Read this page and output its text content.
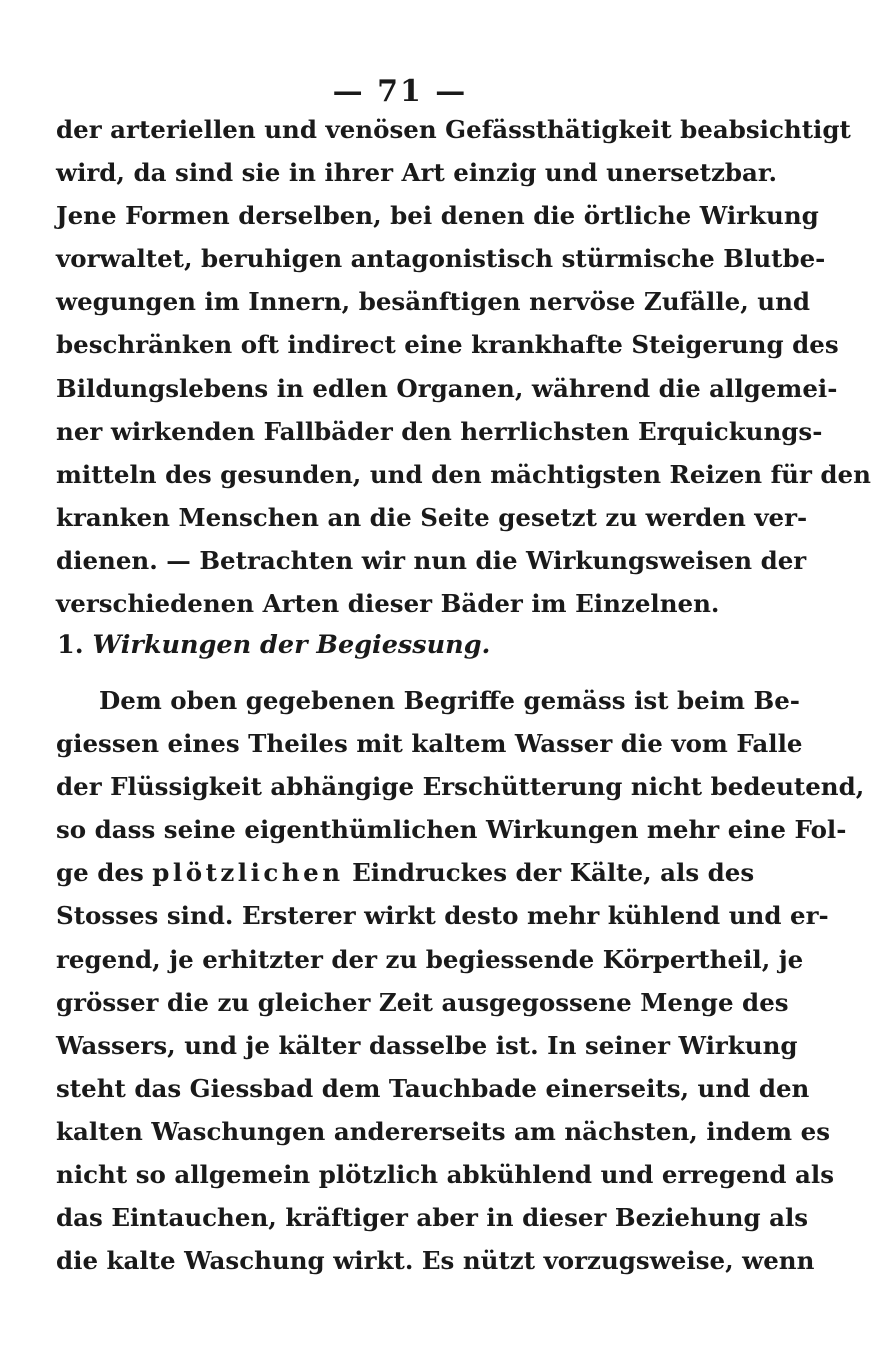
— 71 —
der arteriellen und venösen Gefässthätigkeit beabsichtigt
wird, da sind sie in ihrer Art einzig und unersetzbar.
Jene Formen derselben, bei denen die örtliche Wirkung
vorwaltet, beruhigen antagonistisch stürmische Blutbe-
wegungen im Innern, besänftigen nervöse Zufälle, und
beschränken oft indirect eine krankhafte Steigerung des
Bildungslebens in edlen Organen, während die allgemei-
ner wirkenden Fallbäder den herrlichsten Erquickungs-
mitteln des gesunden, und den mächtigsten Reizen für den
kranken Menschen an die Seite gesetzt zu werden ver-
dienen. — Betrachten wir nun die Wirkungsweisen der
verschiedenen Arten dieser Bäder im Einzelnen.
1. Wirkungen der Begiessung.
Dem oben gegebenen Begriffe gemäss ist beim Be-
giessen eines Theiles mit kaltem Wasser die vom Falle
der Flüssigkeit abhängige Erschütterung nicht bedeutend,
so dass seine eigenthümlichen Wirkungen mehr eine Fol-
ge des plötzlichen Eindruckes der Kälte, als des
Stosses sind. Ersterer wirkt desto mehr kühlend und er-
regend, je erhitzter der zu begiessende Körpertheil, je
grösser die zu gleicher Zeit ausgegossene Menge des
Wassers, und je kälter dasselbe ist. In seiner Wirkung
steht das Giessbad dem Tauchbade einerseits, und den
kalten Waschungen andererseits am nächsten, indem es
nicht so allgemein plötzlich abkühlend und erregend als
das Eintauchen, kräftiger aber in dieser Beziehung als
die kalte Waschung wirkt. Es nützt vorzugsweise, wenn
